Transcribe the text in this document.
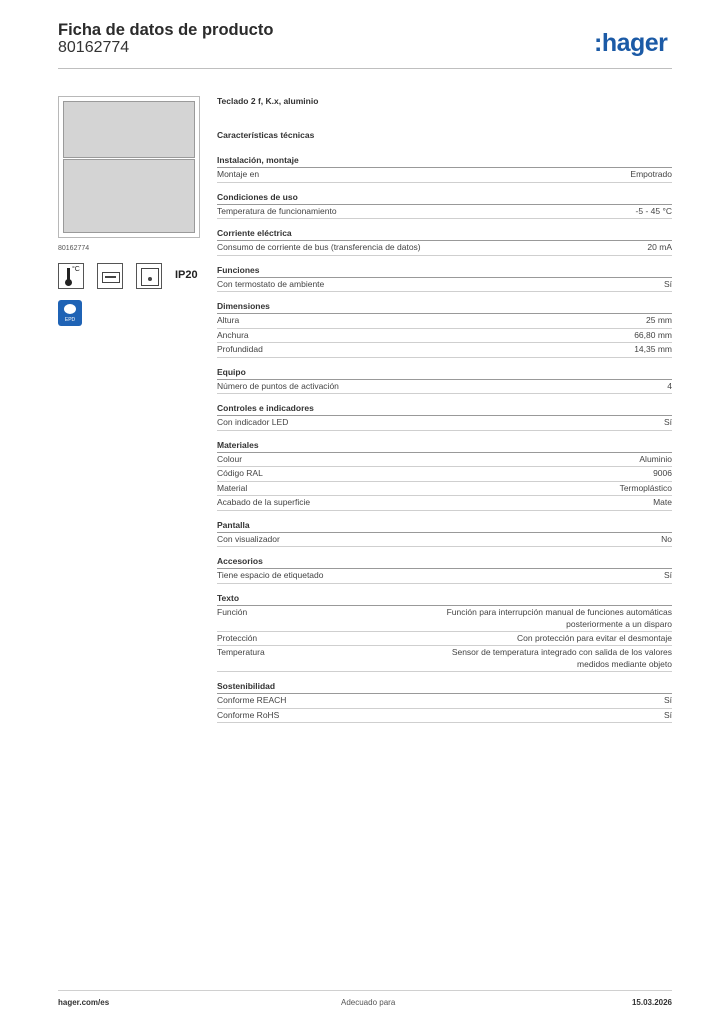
Ficha de datos de producto
80162774	:hager
80162774
°C	IP20
EPD
Teclado 2 f, K.x, aluminio
Características técnicas
Instalación, montaje
Montaje en	Empotrado
Condiciones de uso
Temperatura de funcionamiento	-5 - 45 °C
Corriente eléctrica
Consumo de corriente de bus (transferencia de datos)	20 mA
Funciones
Con termostato de ambiente	Sí
Dimensiones
Altura	25 mm
Anchura	66,80 mm
Profundidad	14,35 mm
Equipo
Número de puntos de activación	4
Controles e indicadores
Con indicador LED	Sí
Materiales
Colour	Aluminio
Código RAL	9006
Material	Termoplástico
Acabado de la superficie	Mate
Pantalla
Con visualizador	No
Accesorios
Tiene espacio de etiquetado	Sí
Texto
Función	Función para interrupción manual de funciones automáticas posteriormente a un disparo
Protección	Con protección para evitar el desmontaje
Temperatura	Sensor de temperatura integrado con salida de los valores medidos mediante objeto
Sostenibilidad
Conforme REACH	Sí
Conforme RoHS	Sí
hager.com/es	Adecuado para	15.03.2026
